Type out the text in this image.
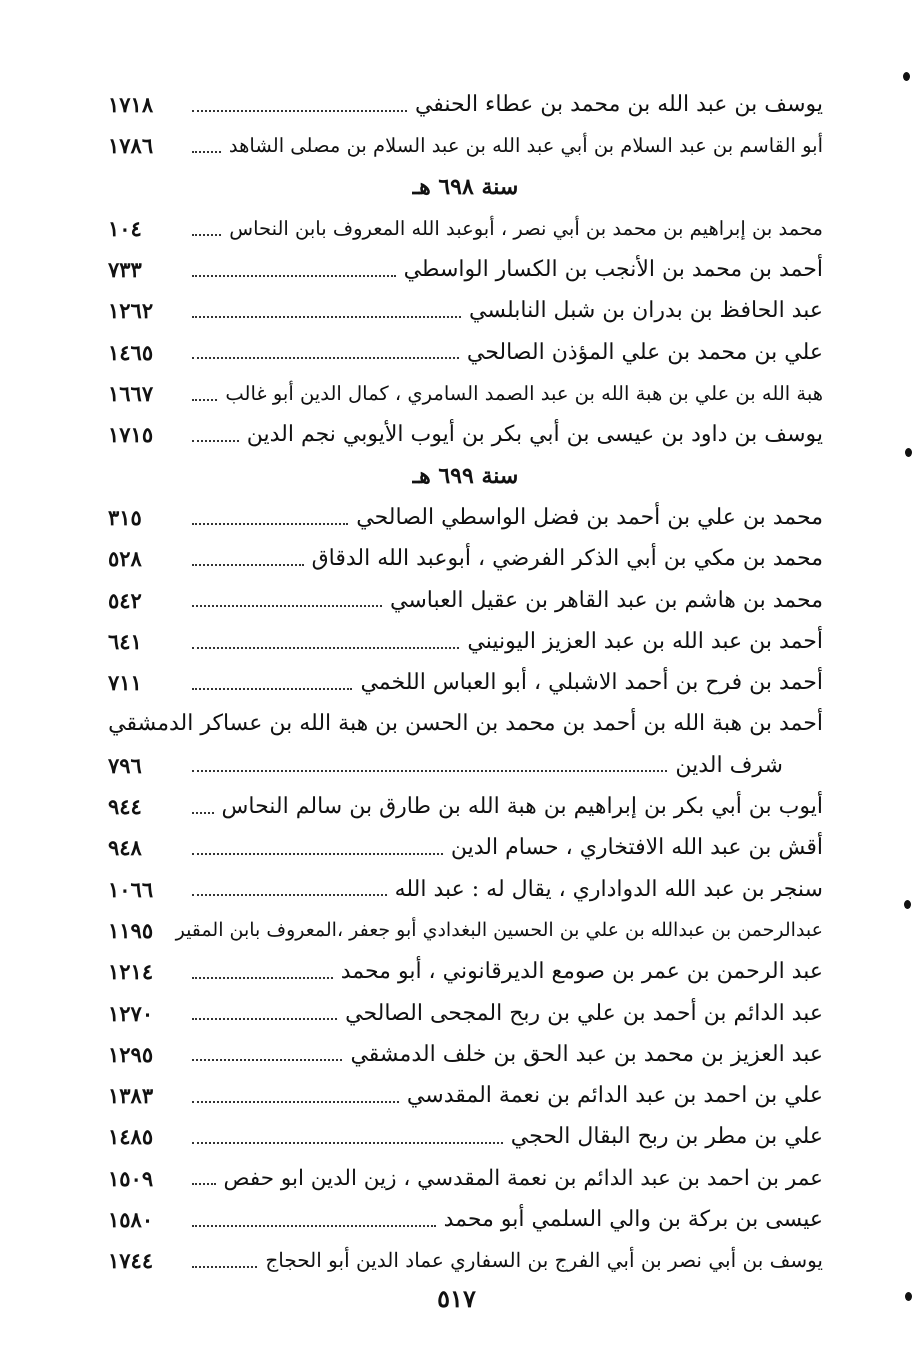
يوسف بن عبد الله بن محمد بن عطاء الحنفي
١٧١٨
أبو القاسم بن عبد السلام بن أبي عبد الله بن عبد السلام بن مصلى الشاهد
١٧٨٦
سنة ٦٩٨ هـ
محمد بن إبراهيم بن محمد بن أبي نصر ، أبوعبد الله المعروف بابن النحاس
١٠٤
أحمد بن محمد بن الأنجب بن الكسار الواسطي
٧٣٣
عبد الحافظ بن بدران بن شبل النابلسي
١٢٦٢
علي بن محمد بن علي المؤذن الصالحي
١٤٦٥
هبة الله بن علي بن هبة الله بن عبد الصمد السامري ، كمال الدين أبو غالب
١٦٦٧
يوسف بن داود بن عيسى بن أبي بكر بن أيوب الأيوبي نجم الدين
١٧١٥
سنة ٦٩٩ هـ
محمد بن علي بن أحمد بن فضل الواسطي الصالحي
٣١٥
محمد بن مكي بن أبي الذكر الفرضي ، أبوعبد الله الدقاق
٥٢٨
محمد بن هاشم بن عبد القاهر بن عقيل العباسي
٥٤٢
أحمد بن عبد الله بن عبد العزيز اليونيني
٦٤١
أحمد بن فرح بن أحمد الاشبلي ، أبو العباس اللخمي
٧١١
أحمد بن هبة الله بن أحمد بن محمد بن الحسن بن هبة الله بن عساكر الدمشقي
شرف الدين
٧٩٦
أيوب بن أبي بكر بن إبراهيم بن هبة الله بن طارق بن سالم النحاس
٩٤٤
أقش بن عبد الله الافتخاري ، حسام الدين
٩٤٨
سنجر بن عبد الله الدواداري ، يقال له : عبد الله
١٠٦٦
عبدالرحمن بن عبدالله بن علي بن الحسين البغدادي أبو جعفر ،المعروف بابن المقير
١١٩٥
عبد الرحمن بن عمر بن صومع الديرقانوني ، أبو محمد
١٢١٤
عبد الدائم بن أحمد بن علي بن ربح المجحى الصالحي
١٢٧٠
عبد العزيز بن محمد بن عبد الحق بن خلف الدمشقي
١٢٩٥
علي بن احمد بن عبد الدائم بن نعمة المقدسي
١٣٨٣
علي بن مطر بن ربح البقال الحجي
١٤٨٥
عمر بن احمد بن عبد الدائم بن نعمة المقدسي ، زين الدين ابو حفص
١٥٠٩
عيسى بن بركة بن والي السلمي أبو محمد
١٥٨٠
يوسف بن أبي نصر بن أبي الفرج بن السفاري عماد الدين أبو الحجاج
١٧٤٤
٥١٧
